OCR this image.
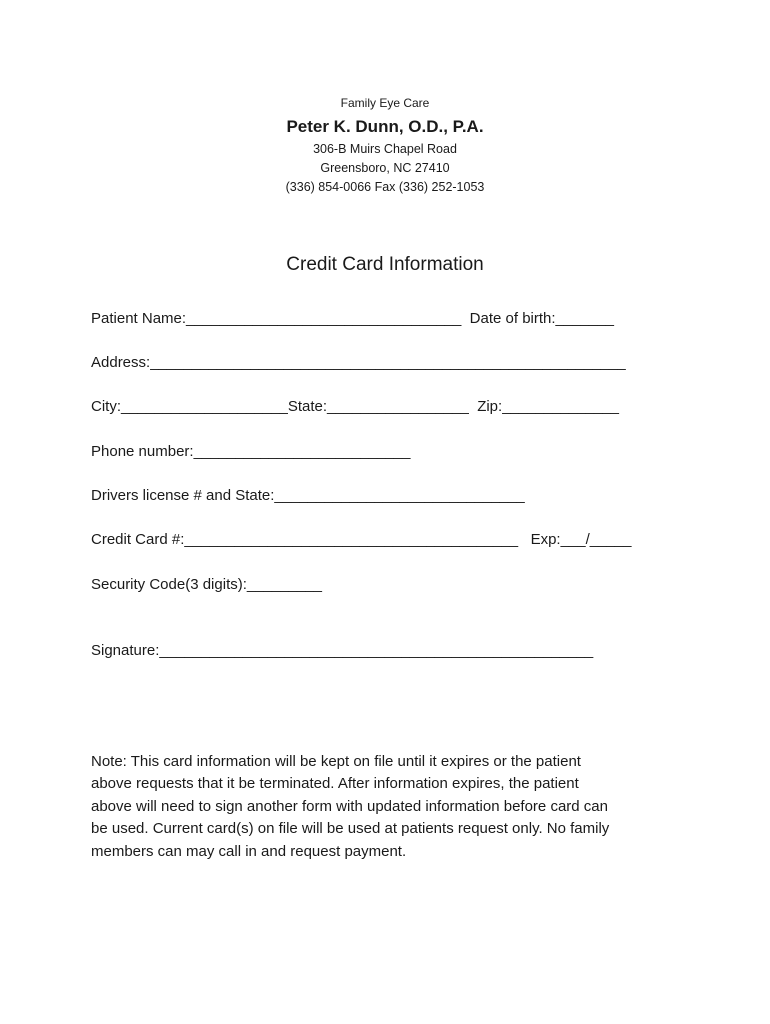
Family Eye Care
Peter K. Dunn, O.D., P.A.
306-B Muirs Chapel Road
Greensboro, NC 27410
(336) 854-0066 Fax (336) 252-1053
Credit Card Information
Patient Name:_________________________________  Date of birth:_______
Address:_________________________________________________________
City:____________________State:_________________  Zip:______________
Phone number:__________________________
Drivers license # and State:______________________________
Credit Card #:________________________________________   Exp:___/_____
Security Code(3 digits):_________
Signature:____________________________________________________

Note: This card information will be kept on file until it expires or the patient

above requests that it be terminated. After information expires, the patient

above will need to sign another form with updated information before card can

be used. Current card(s) on file will be used at patients request only. No family

members can may call in and request payment.
